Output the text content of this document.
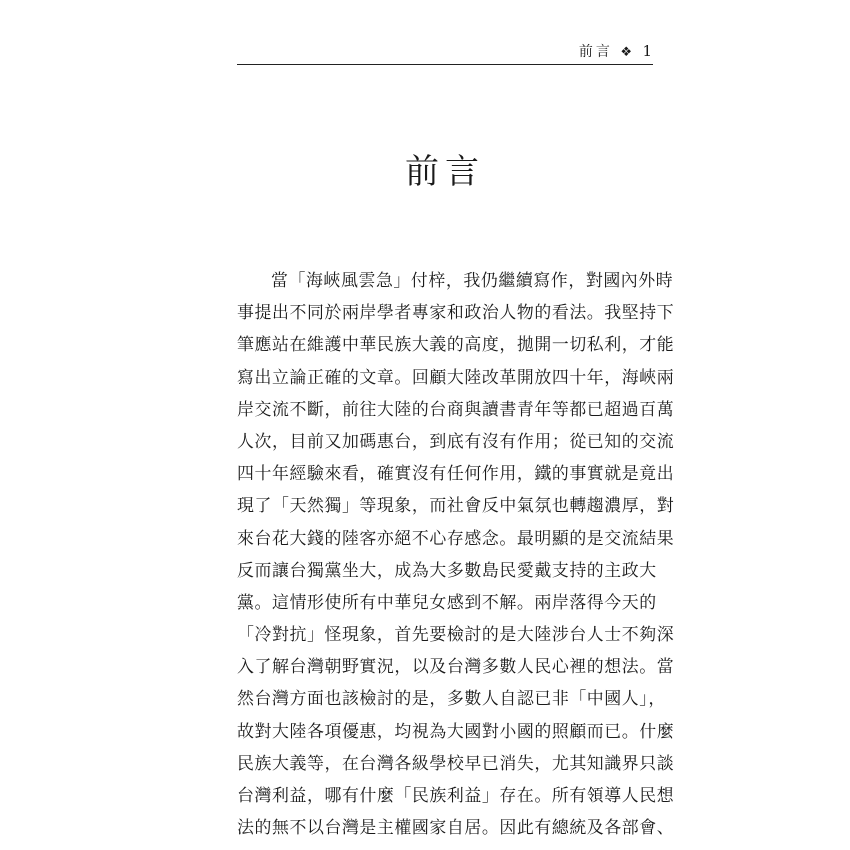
前言 ❖ 1
前言
當「海峽風雲急」付梓，我仍繼續寫作，對國內外時
事提出不同於兩岸學者專家和政治人物的看法。我堅持下
筆應站在維護中華民族大義的高度，拋開一切私利，才能
寫出立論正確的文章。回顧大陸改革開放四十年，海峽兩
岸交流不斷，前往大陸的台商與讀書青年等都已超過百萬
人次，目前又加碼惠台，到底有沒有作用；從已知的交流
四十年經驗來看，確實沒有任何作用，鐵的事實就是竟出
現了「天然獨」等現象，而社會反中氣氛也轉趨濃厚，對
來台花大錢的陸客亦絕不心存感念。最明顯的是交流結果
反而讓台獨黨坐大，成為大多數島民愛戴支持的主政大
黨。這情形使所有中華兒女感到不解。兩岸落得今天的
「冷對抗」怪現象，首先要檢討的是大陸涉台人士不夠深
入了解台灣朝野實況，以及台灣多數人民心裡的想法。當
然台灣方面也該檢討的是，多數人自認已非「中國人」，
故對大陸各項優惠，均視為大國對小國的照顧而已。什麼
民族大義等，在台灣各級學校早已消失，尤其知識界只談
台灣利益，哪有什麼「民族利益」存在。所有領導人民想
法的無不以台灣是主權國家自居。因此有總統及各部會、
